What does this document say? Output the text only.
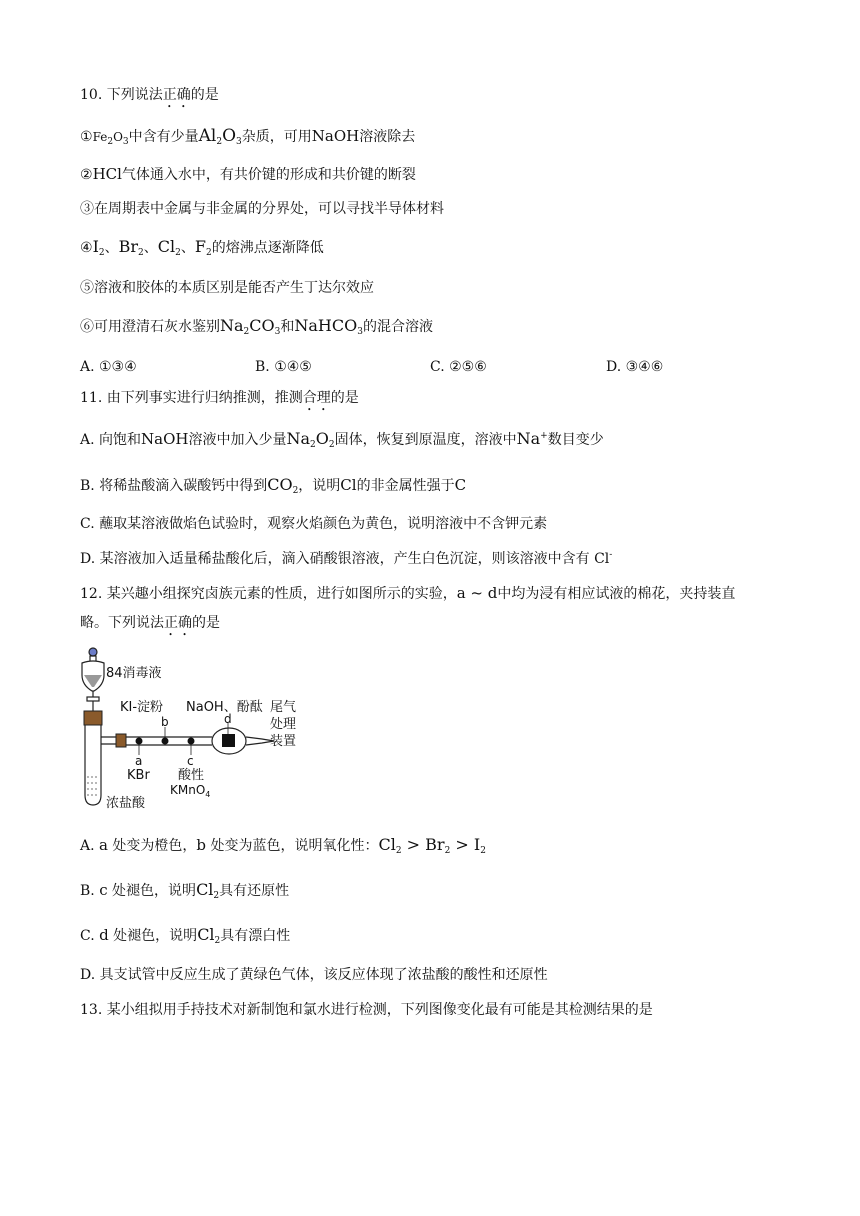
10. 下列说法正确的是
$①Fe_2O_3$中含有少量$Al_2O_3$杂质，可用NaOH溶液除去
②HCl气体通入水中，有共价键的形成和共价键的断裂
③在周期表中金属与非金属的分界处，可以寻找半导体材料
$④I_2$、$Br_2$、$Cl_2$、$F_2$的熔沸点逐渐降低
⑤溶液和胶体的本质区别是能否产生丁达尔效应
⑥可用澄清石灰水鉴别$Na_2CO_3$和NaHCO$_3$的混合溶液
A. ①③④	B. ①④⑤	C. ②⑤⑥	D. ③④⑥
11. 由下列事实进行归纳推测，推测合理的是
A. 向饱和NaOH溶液中加入少量$Na_2O_2$固体，恢复到原温度，溶液中Na+数目变少
B. 将稀盐酸滴入碳酸钙中得到$CO_2$，说明Cl的非金属性强于C
C. 蘸取某溶液做焰色试验时，观察火焰颜色为黄色，说明溶液中不含钾元素
D. 某溶液加入适量稀盐酸化后，滴入硝酸银溶液，产生白色沉淀，则该溶液中含有 Cl-
12. 某兴趣小组探究卤族元素的性质，进行如图所示的实验，a ~ d中均为浸有相应试液的棉花，夹持装直
略。下列说法正确的是
84消毒液
KI-淀粉 NaOH、酚酞
b	d
a
KBr
c
酸性
KMnO$_4$
尾气
处理
装置
浓盐酸
A. a 处变为橙色，b 处变为蓝色，说明氧化性：$Cl_2 > Br_2 > I_2$
B. c 处褪色，说明$Cl_2$具有还原性
C. d 处褪色，说明$Cl_2$具有漂白性
D. 具支试管中反应生成了黄绿色气体，该反应体现了浓盐酸的酸性和还原性
13. 某小组拟用手持技术对新制饱和氯水进行检测，下列图像变化最有可能是其检测结果的是
